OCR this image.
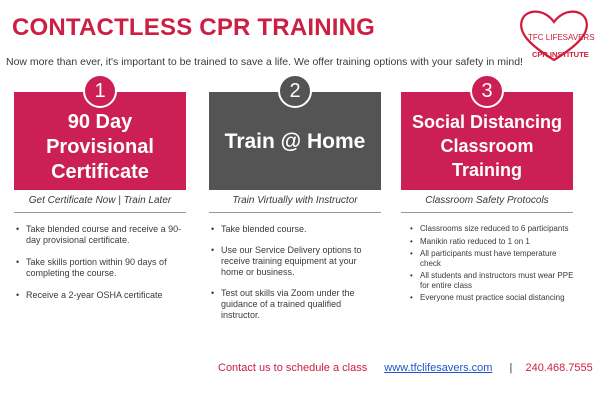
CONTACTLESS CPR TRAINING	TFC LIFESAVERS
CPR INSTITUTE
Now more than ever, it's important to be trained to save a life. We offer training options with your safety in mind!
90 Day
Provisional
Certificate
1
Get Certificate Now | Train Later
• Take blended course and receive a 90-day provisional certificate.
• Take skills portion within 90 days of completing the course.
• Receive a 2-year OSHA certificate
Train @ Home
2
Train Virtually with Instructor
• Take blended course.
• Use our Service Delivery options to receive training equipment at your home or business.
• Test out skills via Zoom under the guidance of a trained qualified instructor.
Social Distancing
Classroom
Training
3
Classroom Safety Protocols
• Classrooms size reduced to 6 participants
• Manikin ratio reduced to 1 on 1
• All participants must have temperature check
• All students and instructors must wear PPE for entire class
• Everyone must practice social distancing
Contact us to schedule a class www.tfclifesavers.com | 240.468.7555
